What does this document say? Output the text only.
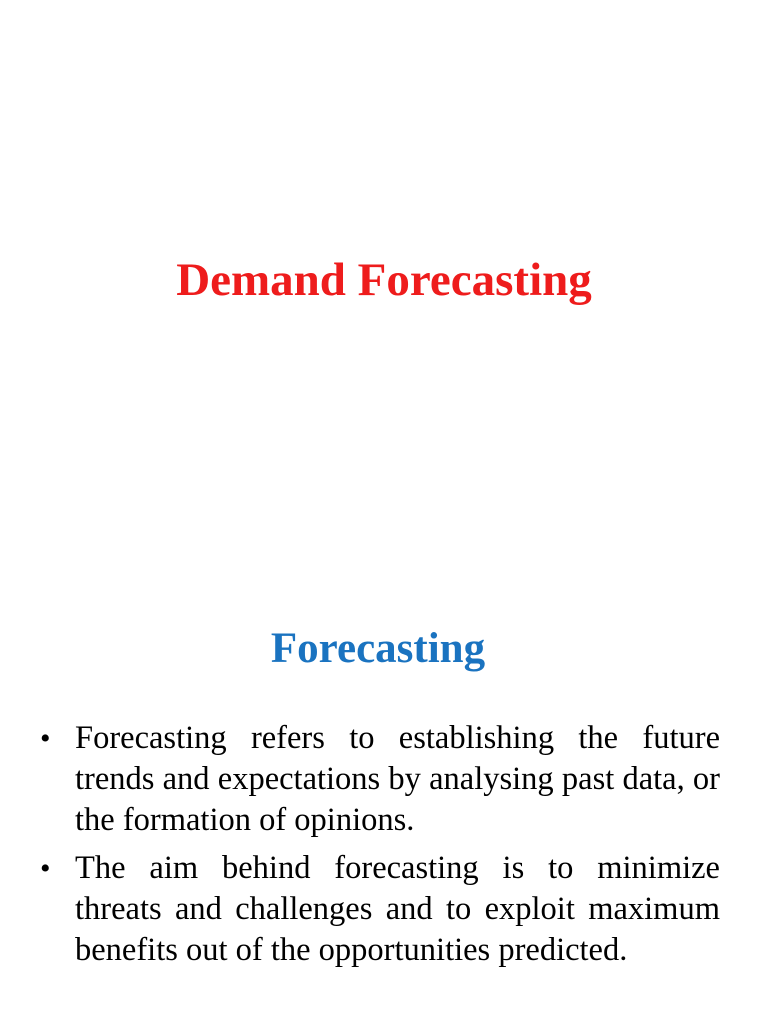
Demand Forecasting
Forecasting
• Forecasting refers to establishing the future trends and expectations by analysing past data, or the formation of opinions.
• The aim behind forecasting is to minimize threats and challenges and to exploit maximum benefits out of the opportunities predicted.
